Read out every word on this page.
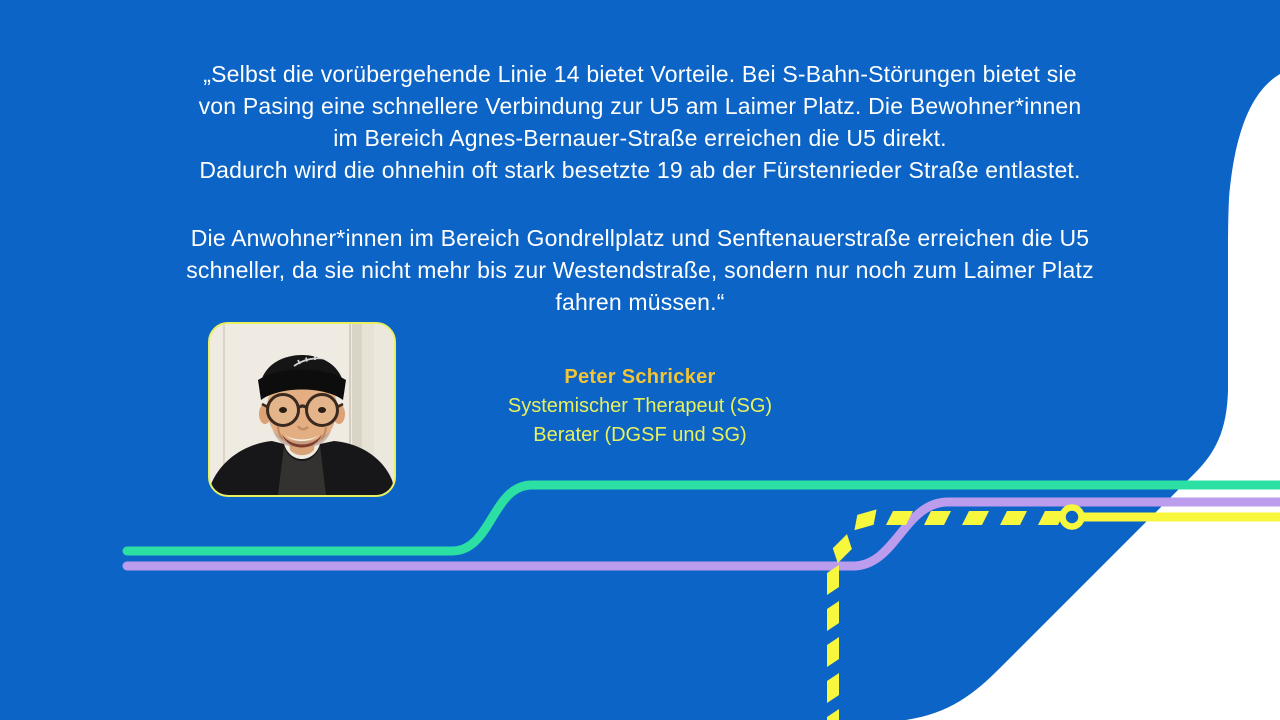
„Selbst die vorübergehende Linie 14 bietet Vorteile. Bei S-Bahn-Störungen bietet sie

von Pasing eine schnellere Verbindung zur U5 am Laimer Platz. Die Bewohner*innen

im Bereich Agnes-Bernauer-Straße erreichen die U5 direkt.

Dadurch wird die ohnehin oft stark besetzte 19 ab der Fürstenrieder Straße entlastet.

Die Anwohner*innen im Bereich Gondrellplatz und Senftenauerstraße erreichen die U5

schneller, da sie nicht mehr bis zur Westendstraße, sondern nur noch zum Laimer Platz

fahren müssen.“

Peter Schricker
Systemischer Therapeut (SG)
Berater (DGSF und SG)
